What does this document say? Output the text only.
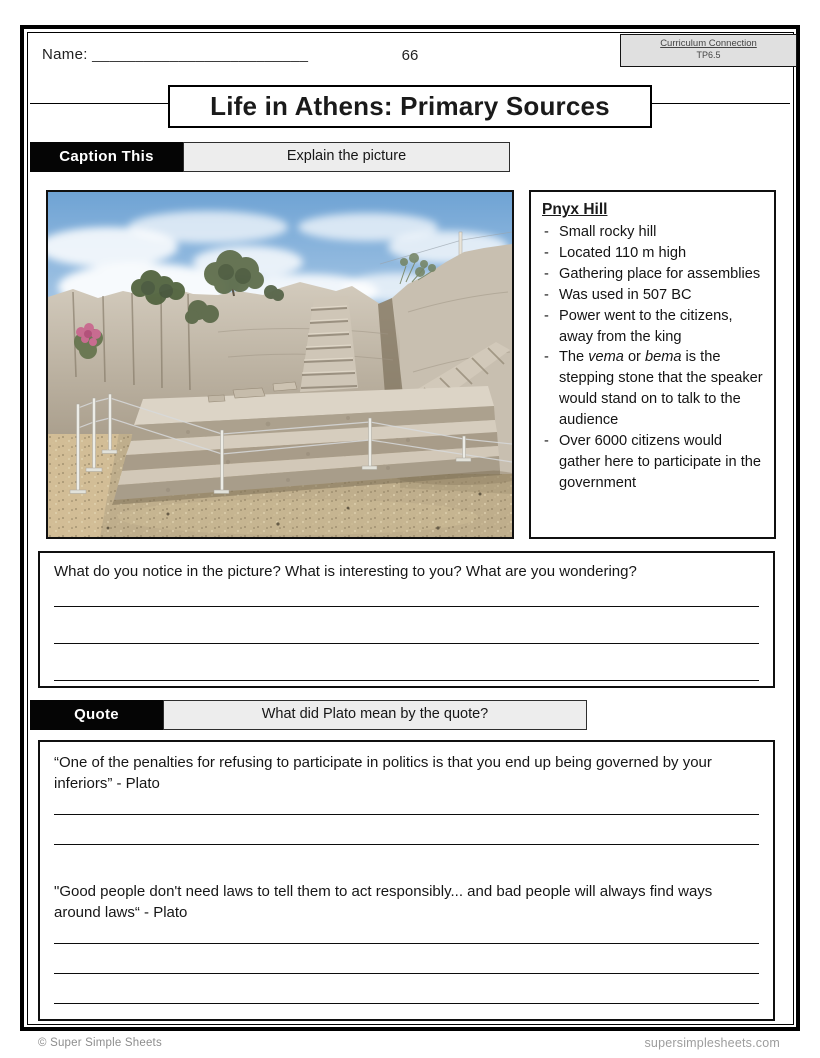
Name: _________________________	66
Curriculum Connection
TP6.5
Life in Athens: Primary Sources
Caption This	Explain the picture
Pnyx Hill
- Small rocky hill
- Located 110 m high
- Gathering place for assemblies
- Was used in 507 BC
- Power went to the citizens, away from the king
- The vema or bema is the stepping stone that the speaker would stand on to talk to the audience
- Over 6000 citizens would gather here to participate in the government
What do you notice in the picture? What is interesting to you? What are you wondering?
Quote	What did Plato mean by the quote?

“One of the penalties for refusing to participate in politics is that you end up being governed by your inferiors” - Plato

"Good people don't need laws to tell them to act responsibly... and bad people will always find ways around laws“ - Plato

© Super Simple Sheets	supersimplesheets.com
